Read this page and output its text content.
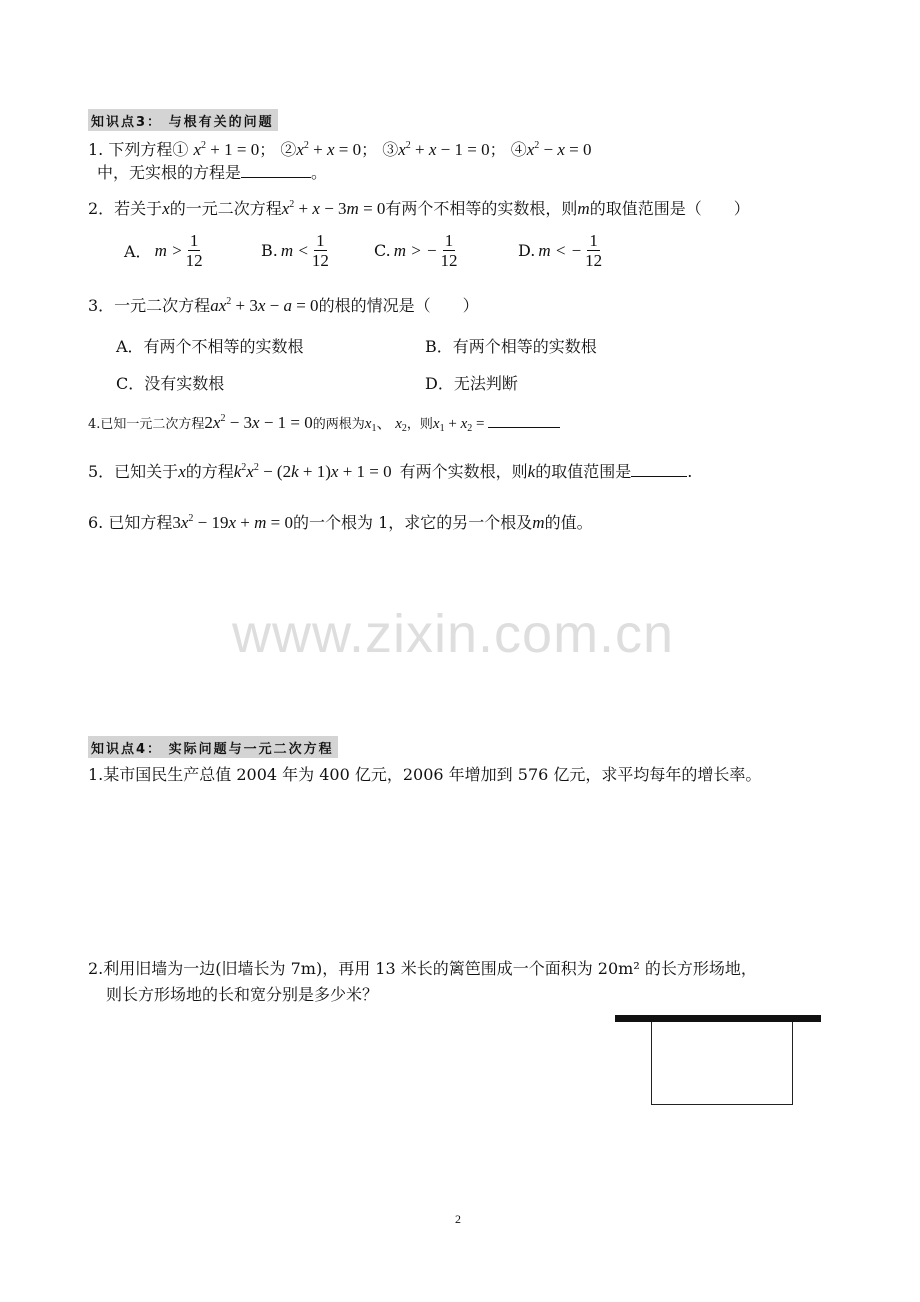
知识点3： 与根有关的问题
1. 下列方程① $x^2 + 1 = 0$； $②x^2 + x = 0$； $③x^2 + x - 1 = 0$； $④x^2 - x = 0$
中，无实根的方程是	。
2．若关于x的一元二次方程$x^2 + x - 3m = 0$有两个不相等的实数根，则m的取值范围是（　　）
A． $m > \frac{1}{12}$	B. $m < \frac{1}{12}$	C. m > − $\frac{1}{12}$	D. m < − $\frac{1}{12}$
3．一元二次方程$ax^2 + 3x - a = 0$的根的情况是（　　）
A．有两个不相等的实数根	B．有两个相等的实数根
C．没有实数根	D．无法判断
4.已知一元二次方程$2x^2 - 3x - 1 = 0$的两根为$x_1$、 $x_2$，则$x_1 + x_2$ =
5．已知关于x的方程$k^2x^2 - (2k + 1)x + 1 = 0$ 有两个实数根，则k的取值范围是	.
6. 已知方程$3x^2 - 19x + m = 0$的一个根为 1，求它的另一个根及m的值。
www.zixin.com.cn
知识点4： 实际问题与一元二次方程
1.某市国民生产总值 2004 年为 400 亿元，2006 年增加到 576 亿元，求平均每年的增长率。
2.利用旧墙为一边(旧墙长为 7m)，再用 13 米长的篱笆围成一个面积为 20m² 的长方形场地，
则长方形场地的长和宽分别是多少米？
2
